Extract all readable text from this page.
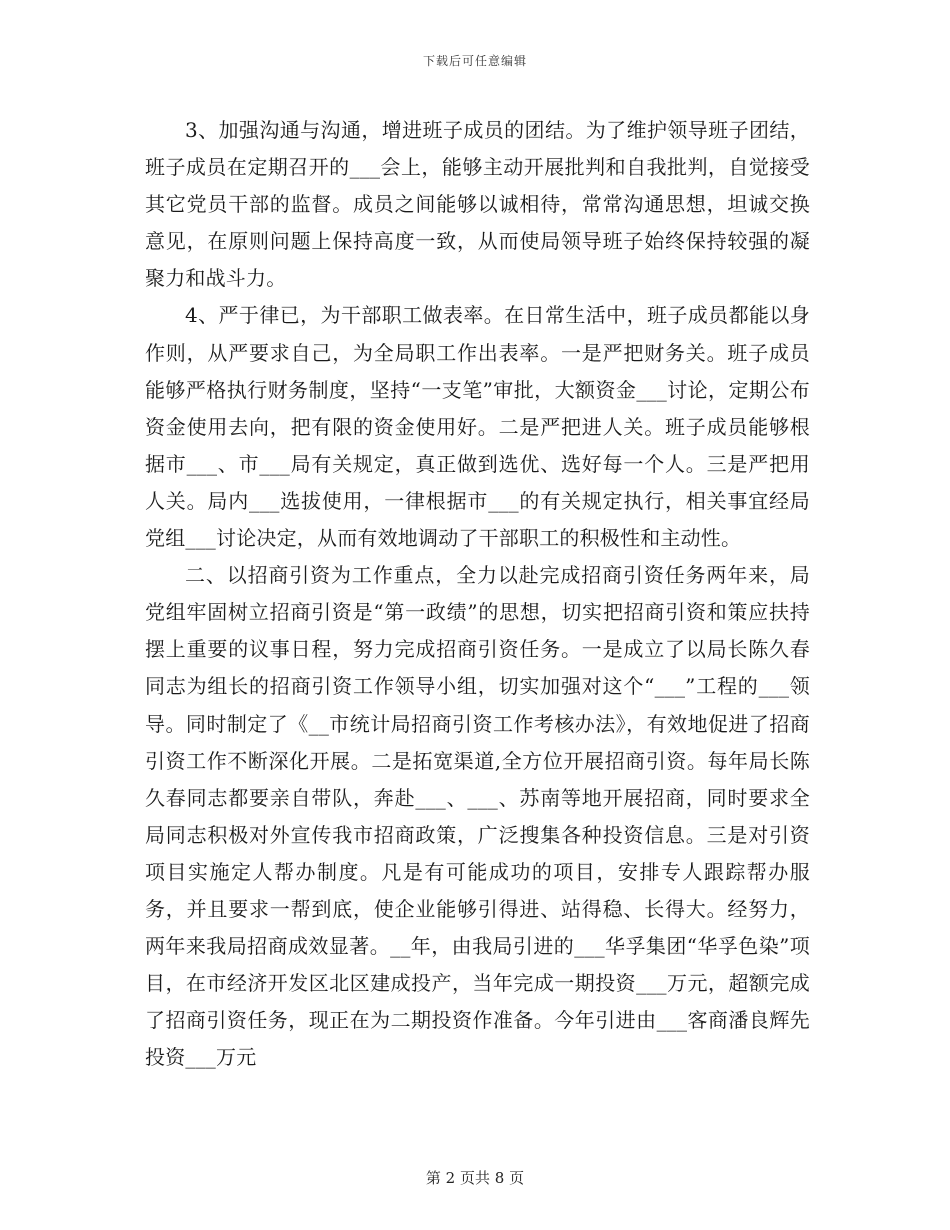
下载后可任意编辑

3、加强沟通与沟通，增进班子成员的团结。为了维护领导班子团结，班子成员在定期召开的___会上，能够主动开展批判和自我批判，自觉接受其它党员干部的监督。成员之间能够以诚相待，常常沟通思想，坦诚交换意见，在原则问题上保持高度一致，从而使局领导班子始终保持较强的凝聚力和战斗力。

4、严于律已，为干部职工做表率。在日常生活中，班子成员都能以身作则，从严要求自己，为全局职工作出表率。一是严把财务关。班子成员能够严格执行财务制度，坚持“一支笔”审批，大额资金___讨论，定期公布资金使用去向，把有限的资金使用好。二是严把进人关。班子成员能够根据市___、市___局有关规定，真正做到选优、选好每一个人。三是严把用人关。局内___选拔使用，一律根据市___的有关规定执行，相关事宜经局党组___讨论决定，从而有效地调动了干部职工的积极性和主动性。

二、以招商引资为工作重点，全力以赴完成招商引资任务两年来，局党组牢固树立招商引资是“第一政绩”的思想，切实把招商引资和策应扶持摆上重要的议事日程，努力完成招商引资任务。一是成立了以局长陈久春同志为组长的招商引资工作领导小组，切实加强对这个“___”工程的___领导。同时制定了《__市统计局招商引资工作考核办法》，有效地促进了招商引资工作不断深化开展。二是拓宽渠道,全方位开展招商引资。每年局长陈久春同志都要亲自带队，奔赴___、___、苏南等地开展招商，同时要求全局同志积极对外宣传我市招商政策，广泛搜集各种投资信息。三是对引资项目实施定人帮办制度。凡是有可能成功的项目，安排专人跟踪帮办服务，并且要求一帮到底，使企业能够引得进、站得稳、长得大。经努力，两年来我局招商成效显著。__年，由我局引进的___华孚集团“华孚色染”项目，在市经济开发区北区建成投产，当年完成一期投资___万元，超额完成了招商引资任务，现正在为二期投资作准备。今年引进由___客商潘良辉先投资___万元

第 2 页共 8 页
